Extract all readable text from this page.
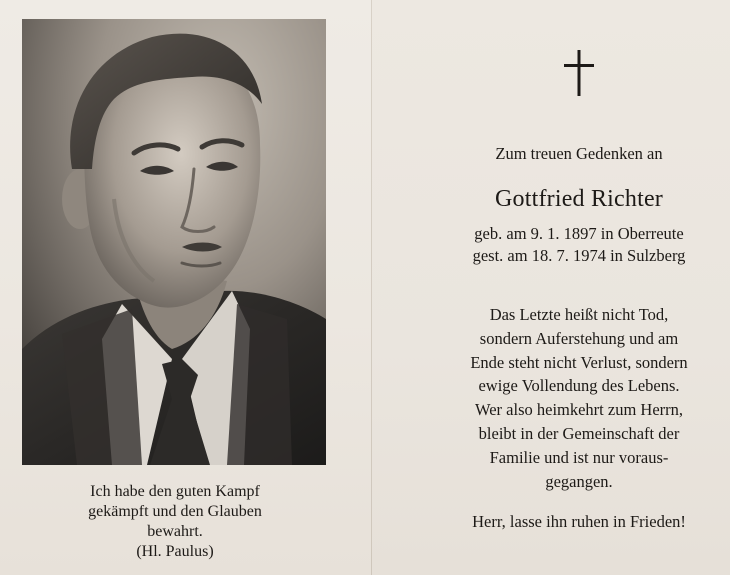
Ich habe den guten Kampf
gekämpft und den Glauben
bewahrt.
(Hl. Paulus)
Zum treuen Gedenken an
Gottfried Richter
geb. am 9. 1. 1897 in Oberreute
gest. am 18. 7. 1974 in Sulzberg
Das Letzte heißt nicht Tod,
sondern Auferstehung und am
Ende steht nicht Verlust, sondern
ewige Vollendung des Lebens.
Wer also heimkehrt zum Herrn,
bleibt in der Gemeinschaft der
Familie und ist nur voraus-
gegangen.
Herr, lasse ihn ruhen in Frieden!
